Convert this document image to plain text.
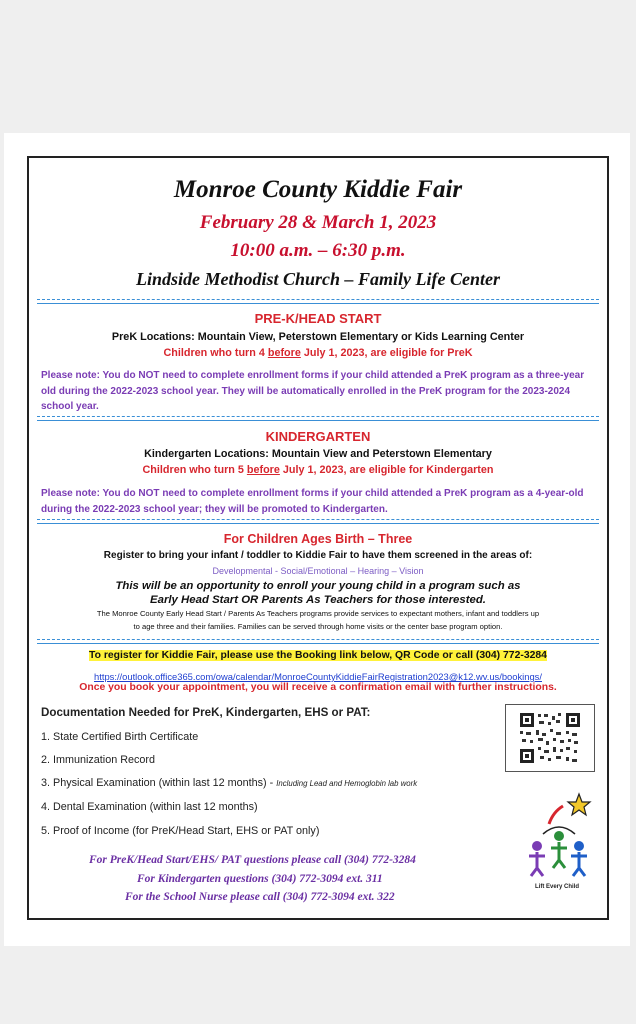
Monroe County Kiddie Fair
February 28 & March 1, 2023
10:00 a.m. – 6:30 p.m.
Lindside Methodist Church – Family Life Center
PRE-K/HEAD START
PreK Locations: Mountain View, Peterstown Elementary or Kids Learning Center
Children who turn 4 before July 1, 2023, are eligible for PreK
Please note: You do NOT need to complete enrollment forms if your child attended a PreK program as a three-year old during the 2022-2023 school year. They will be automatically enrolled in the PreK program for the 2023-2024 school year.
KINDERGARTEN
Kindergarten Locations: Mountain View and Peterstown Elementary
Children who turn 5 before July 1, 2023, are eligible for Kindergarten
Please note: You do NOT need to complete enrollment forms if your child attended a PreK program as a 4-year-old during the 2022-2023 school year; they will be promoted to Kindergarten.
For Children Ages Birth – Three
Register to bring your infant / toddler to Kiddie Fair to have them screened in the areas of:
Developmental - Social/Emotional – Hearing – Vision
This will be an opportunity to enroll your young child in a program such as
Early Head Start OR Parents As Teachers for those interested.
The Monroe County Early Head Start / Parents As Teachers programs provide services to expectant mothers, infant and toddlers up
to age three and their families. Families can be served through home visits or the center base program option.
To register for Kiddie Fair, please use the Booking link below, QR Code or call (304) 772-3284
https://outlook.office365.com/owa/calendar/MonroeCountyKiddieFairRegistration2023@k12.wv.us/bookings/
Once you book your appointment, you will receive a confirmation email with further instructions.
Documentation Needed for PreK, Kindergarten, EHS or PAT:
1. State Certified Birth Certificate
2. Immunization Record
3. Physical Examination (within last 12 months) - Including Lead and Hemoglobin lab work
4. Dental Examination (within last 12 months)
5. Proof of Income (for PreK/Head Start, EHS or PAT only)
For PreK/Head Start/EHS/ PAT questions please call (304) 772-3284
For Kindergarten questions (304) 772-3094 ext. 311
For the School Nurse please call (304) 772-3094 ext. 322
Lift Every Child
